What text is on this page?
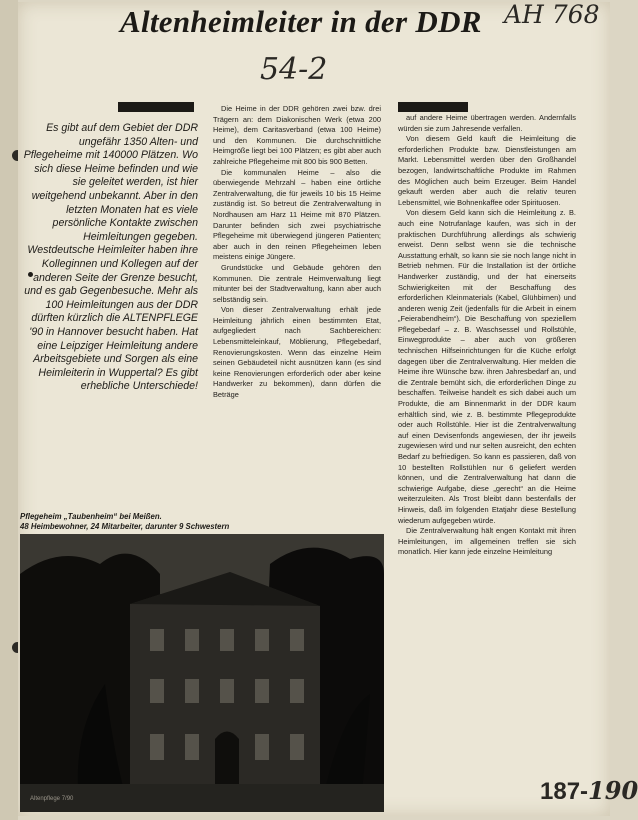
Altenheimleiter in der DDR AH 768
54-2

Es gibt auf dem Gebiet der DDR ungefähr 1350 Alten- und Pflegeheime mit 140000 Plätzen. Wo sich diese Heime befinden und wie sie geleitet werden, ist hier weitgehend unbekannt. Aber in den letzten Monaten hat es viele persönliche Kontakte zwischen Heimleitungen gegeben. Westdeutsche Heimleiter haben ihre Kolleginnen und Kollegen auf der anderen Seite der Grenze besucht, und es gab Gegenbesuche. Mehr als 100 Heimleitungen aus der DDR dürften kürzlich die ALTENPFLEGE '90 in Hannover besucht haben. Hat eine Leipziger Heimleitung andere Arbeitsgebiete und Sorgen als eine Heimleiterin in Wuppertal? Es gibt erhebliche Unterschiede!

Die Heime in der DDR gehören zwei bzw. drei Trägern an: dem Diakonischen Werk (etwa 200 Heime), dem Caritasverband (etwa 100 Heime) und den Kommunen. Die durchschnittliche Heimgröße liegt bei 100 Plätzen; es gibt aber auch zahlreiche Pflegeheime mit 800 bis 900 Betten.

Die kommunalen Heime – also die überwiegende Mehrzahl – haben eine örtliche Zentralverwaltung, die für jeweils 10 bis 15 Heime zuständig ist. So betreut die Zentralverwaltung in Nordhausen am Harz 11 Heime mit 870 Plätzen. Darunter befinden sich zwei psychiatrische Pflegeheime mit überwiegend jüngeren Patienten; aber auch in den reinen Pflegeheimen leben meistens einige Jüngere.

Grundstücke und Gebäude gehören den Kommunen. Die zentrale Heimverwaltung liegt mitunter bei der Stadtverwaltung, kann aber auch selbständig sein.

Von dieser Zentralverwaltung erhält jede Heimleitung jährlich einen bestimmten Etat, aufgegliedert nach Sachbereichen: Lebensmitteleinkauf, Möblierung, Pflegebedarf, Renovierungskosten. Wenn das einzelne Heim seinen Gebäudeteil nicht ausnützen kann (es sind keine Renovierungen erforderlich oder aber keine Handwerker zu bekommen), dann dürfen die Beträge

auf andere Heime übertragen werden. Andernfalls würden sie zum Jahresende verfallen.

Von diesem Geld kauft die Heimleitung die erforderlichen Produkte bzw. Dienstleistungen am Markt. Lebensmittel werden über den Großhandel bezogen, landwirtschaftliche Produkte im Rahmen des Möglichen auch beim Erzeuger. Beim Handel gekauft werden aber auch die relativ teuren Lebensmittel, wie Bohnenkaffee oder Spirituosen.

Von diesem Geld kann sich die Heimleitung z. B. auch eine Notrufanlage kaufen, was sich in der praktischen Durchführung allerdings als schwierig erweist. Denn selbst wenn sie die technische Ausstattung erhält, so kann sie sie noch lange nicht in Betrieb nehmen. Für die Installation ist der örtliche Handwerker zuständig, und der hat einerseits Schwierigkeiten mit der Beschaffung des erforderlichen Kleinmaterials (Kabel, Glühbirnen) und anderen wenig Zeit (jedenfalls für die Arbeit in einem „Feierabendheim“). Die Beschaffung von speziellem Pflegebedarf – z. B. Waschsessel und Rollstühle, Einwegprodukte – aber auch von größeren technischen Hilfseinrichtungen für die Küche erfolgt dagegen über die Zentralverwaltung. Hier melden die Heime ihre Wünsche bzw. ihren Jahresbedarf an, und die Zentrale bemüht sich, die erforderlichen Dinge zu beschaffen. Teilweise handelt es sich dabei auch um Produkte, die am Binnenmarkt in der DDR kaum erhältlich sind, wie z. B. bestimmte Pflegeprodukte oder auch Rollstühle. Hier ist die Zentralverwaltung auf einen Devisenfonds angewiesen, der ihr jeweils zugewiesen wird und nur selten ausreicht, den echten Bedarf zu befriedigen. So kann es passieren, daß von 10 bestellten Rollstühlen nur 6 geliefert werden können, und die Zentralverwaltung hat dann die schwierige Aufgabe, diese „gerecht“ an die Heime weiterzuleiten. Als Trost bleibt dann bestenfalls der Hinweis, daß im folgenden Etatjahr diese Bestellung wiederum aufgegeben würde.

Die Zentralverwaltung hält engen Kontakt mit ihren Heimleitungen, im allgemeinen treffen sie sich monatlich. Hier kann jede einzelne Heimleitung

Pflegeheim „Taubenheim“ bei Meißen.
48 Heimbewohner, 24 Mitarbeiter, darunter 9 Schwestern

Altenpflege 7/90	187-190
